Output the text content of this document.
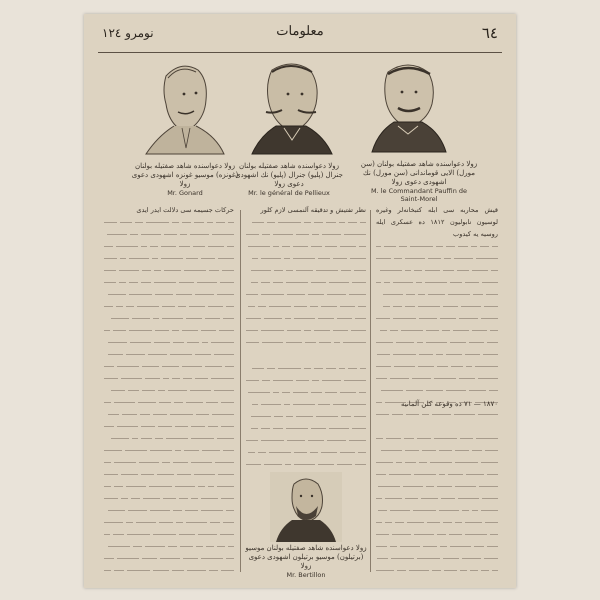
نومرو ۱۲٤	معلومات	٦٤
زولا دعواسنده شاهد صفتیله بولنان (غونزه) موسیو غونزه اشهودی دعوی زولا
Mr. Gonard
زولا دعواسنده شاهد صفتیله بولنان جنرال (پلیو) جنرال (پلیو) نك اشهودی دعوی زولا
Mr. le général de Pellieux
زولا دعواسنده شاهد صفتیله بولنان (سن مورل) الایی قوماندانی (سن مورل) نك اشهودی دعوی زولا
M. le Commandant Pauffin de
Saint-Morel
قیش محاربه سی ابله کتبخانه‌لر وغیره لوسیون نابولیون ۱۸۱۲ ده عسکری ایله روسیه یه کیدوب
۱۸۷۰ — ۷۱ ده وقوعه کلن آلمانیه
نظر تفتیش و تدقیقه آلنمسی لازم کلور
حرکات جسیمه سی دلالت ایدر ایدی
زولا دعواسنده شاهد صفتیله بولنان موسیو (برتیلون) موسیو برتیلون اشهودی دعوی زولا
Mr. Bertillon
